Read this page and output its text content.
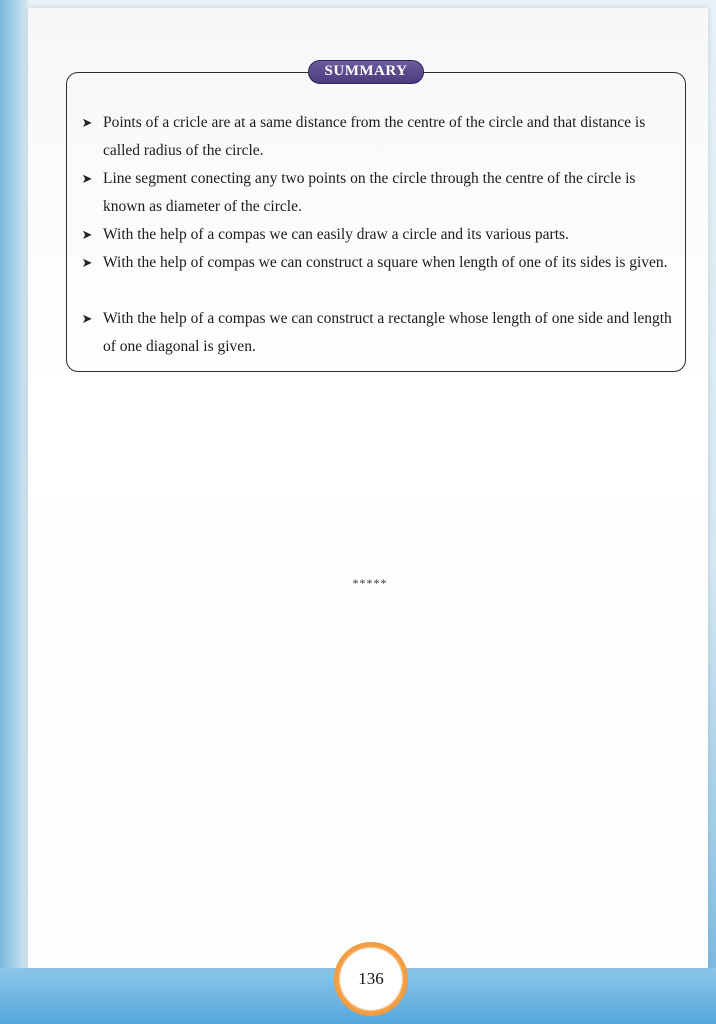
SUMMARY
➤ Points of a cricle are at a same distance from the centre of the circle and that distance is called radius of the circle.
➤ Line segment conecting any two points on the circle through the centre of the circle is known as diameter of the circle.
➤ With the help of a compas we can easily draw a circle and its various parts.
➤ With the help of compas we can construct a square when length of one of its sides is given.
➤ With the help of a compas we can construct a rectangle whose length of one side and length of one diagonal is given.
*****
136
